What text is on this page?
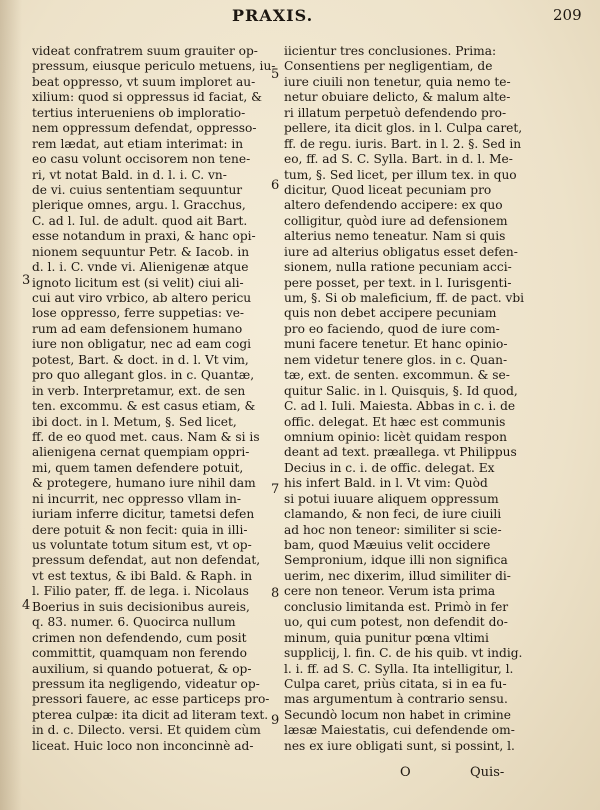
PRAXIS.	209
videat confratrem suum grauiter op-
pressum, eiusque periculo metuens, iu-
beat oppresso, vt suum imploret au-
xilium: quod si oppressus id faciat, &
tertius interueniens ob imploratio-
nem oppressum defendat, oppresso-
rem lædat, aut etiam interimat: in
eo casu volunt occisorem non tene-
ri, vt notat Bald. in d. l. i. C. vn-
de vi. cuius sententiam sequuntur
plerique omnes, argu. l. Gracchus,
C. ad l. Iul. de adult. quod ait Bart.
esse notandum in praxi, & hanc opi-
nionem sequuntur Petr. & Iacob. in
d. l. i. C. vnde vi. Alienigenæ atque
ignoto licitum est (si velit) ciui ali-
cui aut viro vrbico, ab altero pericu
lose oppresso, ferre suppetias: ve-
rum ad eam defensionem humano
iure non obligatur, nec ad eam cogi
potest, Bart. & doct. in d. l. Vt vim,
pro quo allegant glos. in c. Quantæ,
in verb. Interpretamur, ext. de sen
ten. excommu. & est casus etiam, &
ibi doct. in l. Metum, §. Sed licet,
ff. de eo quod met. caus. Nam & si is
alienigena cernat quempiam oppri-
mi, quem tamen defendere potuit,
& protegere, humano iure nihil dam
ni incurrit, nec oppresso vllam in-
iuriam inferre dicitur, tametsi defen
dere potuit & non fecit: quia in illi-
us voluntate totum situm est, vt op-
pressum defendat, aut non defendat,
vt est textus, & ibi Bald. & Raph. in
l. Filio pater, ff. de lega. i. Nicolaus
Boerius in suis decisionibus aureis,
q. 83. numer. 6. Quocirca nullum
crimen non defendendo, cum posit
committit, quamquam non ferendo
auxilium, si quando potuerat, & op-
pressum ita negligendo, videatur op-
pressori fauere, ac esse particeps pro-
pterea culpæ: ita dicit ad literam text.
in d. c. Dilecto. versi. Et quidem cùm
liceat. Huic loco non inconcinnè ad-
iicientur tres conclusiones. Prima:
Consentiens per negligentiam, de
iure ciuili non tenetur, quia nemo te-
netur obuiare delicto, & malum alte-
ri illatum perpetuò defendendo pro-
pellere, ita dicit glos. in l. Culpa caret,
ff. de regu. iuris. Bart. in l. 2. §. Sed in
eo, ff. ad S. C. Sylla. Bart. in d. l. Me-
tum, §. Sed licet, per illum tex. in quo
dicitur, Quod liceat pecuniam pro
altero defendendo accipere: ex quo
colligitur, quòd iure ad defensionem
alterius nemo teneatur. Nam si quis
iure ad alterius obligatus esset defen-
sionem, nulla ratione pecuniam acci-
pere posset, per text. in l. Iurisgenti-
um, §. Si ob maleficium, ff. de pact. vbi
quis non debet accipere pecuniam
pro eo faciendo, quod de iure com-
muni facere tenetur. Et hanc opinio-
nem videtur tenere glos. in c. Quan-
tæ, ext. de senten. excommun. & se-
quitur Salic. in l. Quisquis, §. Id quod,
C. ad l. Iuli. Maiesta. Abbas in c. i. de
offic. delegat. Et hæc est communis
omnium opinio: licèt quidam respon
deant ad text. præallega. vt Philippus
Decius in c. i. de offic. delegat. Ex
his infert Bald. in l. Vt vim: Quòd
si potui iuuare aliquem oppressum
clamando, & non feci, de iure ciuili
ad hoc non teneor: similiter si scie-
bam, quod Mæuius velit occidere
Sempronium, idque illi non significa
uerim, nec dixerim, illud similiter di-
cere non teneor. Verum ista prima
conclusio limitanda est. Primò in fer
uo, qui cum potest, non defendit do-
minum, quia punitur pœna vltimi
supplicij, l. fin. C. de his quib. vt indig.
l. i. ff. ad S. C. Sylla. Ita intelligitur, l.
Culpa caret, priùs citata, si in ea fu-
mas argumentum à contrario sensu.
Secundò locum non habet in crimine
læsæ Maiestatis, cui defendende om-
nes ex iure obligati sunt, si possint, l.
3
4
5
6
7
8
9
O	Quis-
